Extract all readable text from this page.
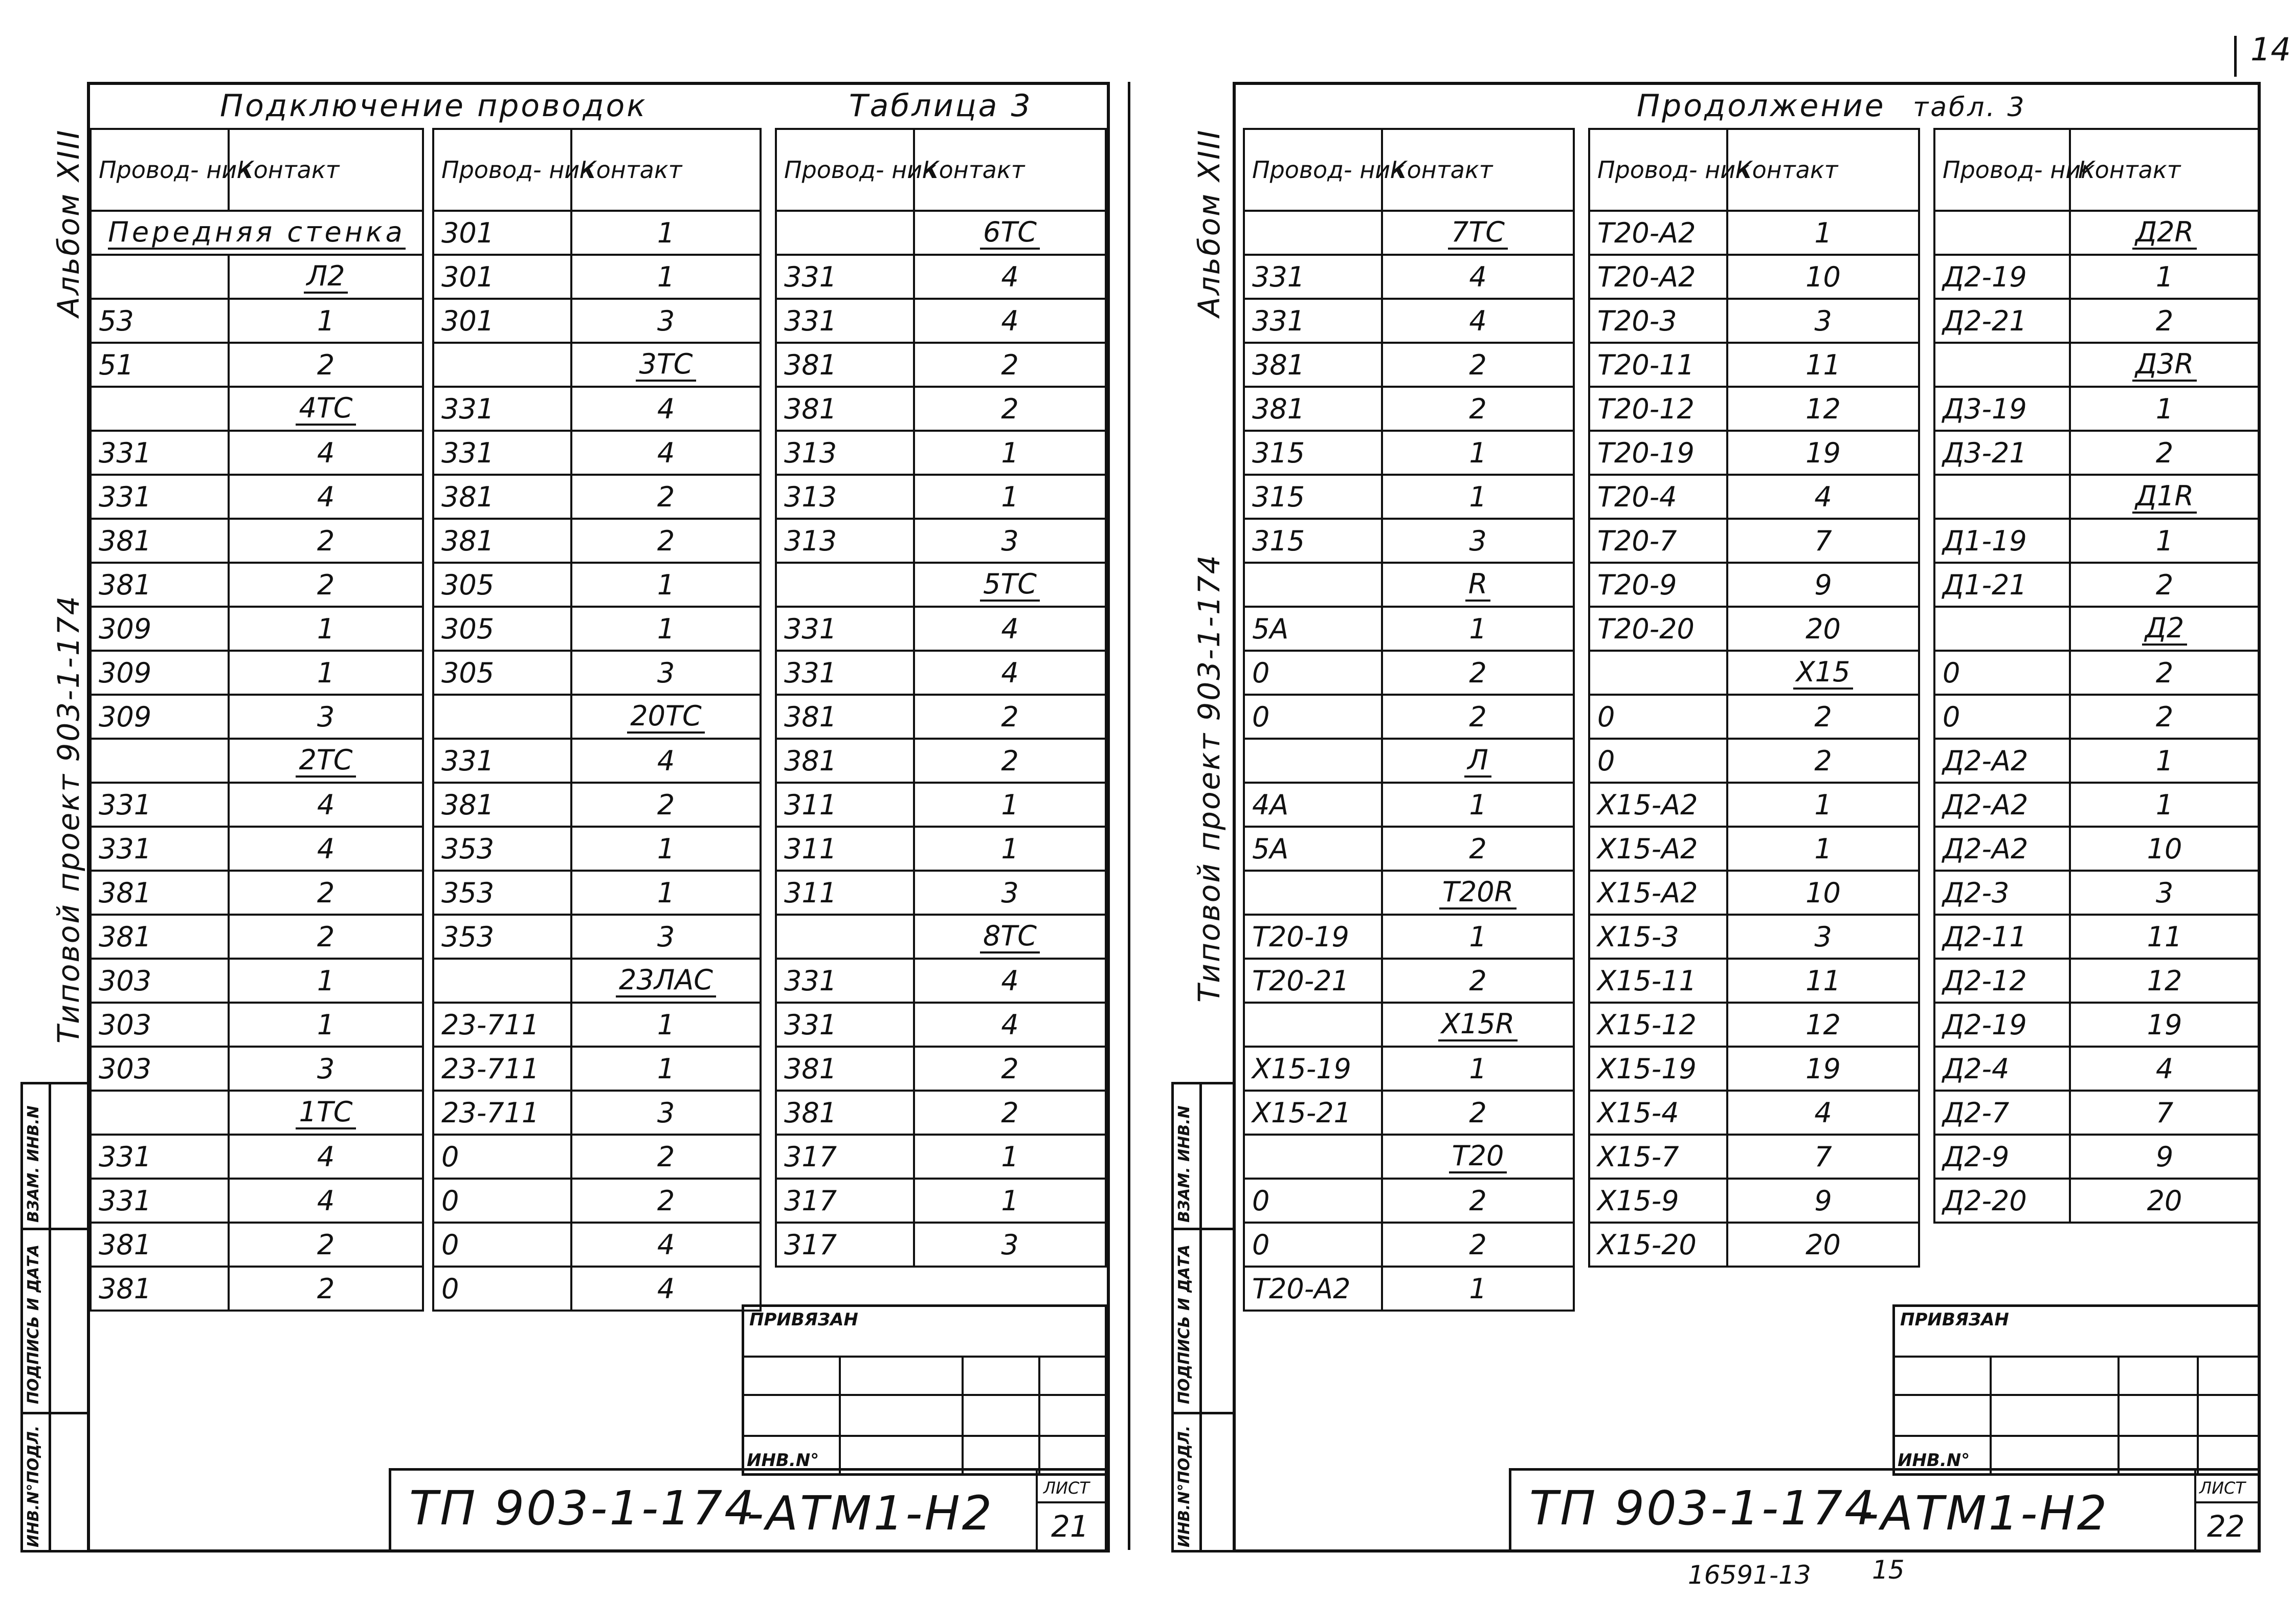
14
Альбом XIII
Типовой проект 903-1-174
Подключение проводок	Таблица 3
Провод- ник	Контакт
Передняя стенка	
	Л2
53	1
51	2
	4ТС
331	4
331	4
381	2
381	2
309	1
309	1
309	3
	2ТС
331	4
331	4
381	2
381	2
303	1
303	1
303	3
	1ТС
331	4
331	4
381	2
381	2
Провод- ник	Контакт
301	1
301	1
301	3
	3ТС
331	4
331	4
381	2
381	2
305	1
305	1
305	3
	20ТС
331	4
381	2
353	1
353	1
353	3
	23ЛАС
23-711	1
23-711	1
23-711	3
0	2
0	2
0	4
0	4
Провод- ник	Контакт
	6ТС
331	4
331	4
381	2
381	2
313	1
313	1
313	3
	5ТС
331	4
331	4
381	2
381	2
311	1
311	1
311	3
	8ТС
331	4
331	4
381	2
381	2
317	1
317	1
317	3
ИНВ.N°ПОДЛ.
ПОДПИСЬ И ДАТА
ВЗАМ. ИНВ.N
ПРИВЯЗАН
ИНВ.N°
ТП 903-1-174
-АТМ1-Н2	ЛИСТ
21
Альбом XIII
Типовой проект 903-1-174
Продолжение табл. 3
Провод- ник	Контакт
	7ТС
331	4
331	4
381	2
381	2
315	1
315	1
315	3
	R
5А	1
0	2
0	2
	Л
4А	1
5А	2
	Т20R
Т20-19	1
Т20-21	2
	Х15R
Х15-19	1
Х15-21	2
	Т20
0	2
0	2
Т20-А2	1
Провод- ник	Контакт
Т20-А2	1
Т20-А2	10
Т20-3	3
Т20-11	11
Т20-12	12
Т20-19	19
Т20-4	4
Т20-7	7
Т20-9	9
Т20-20	20
	Х15
0	2
0	2
Х15-А2	1
Х15-А2	1
Х15-А2	10
Х15-3	3
Х15-11	11
Х15-12	12
Х15-19	19
Х15-4	4
Х15-7	7
Х15-9	9
Х15-20	20
Провод- ник	Контакт
	Д2R
Д2-19	1
Д2-21	2
	Д3R
Д3-19	1
Д3-21	2
	Д1R
Д1-19	1
Д1-21	2
	Д2
0	2
0	2
Д2-А2	1
Д2-А2	1
Д2-А2	10
Д2-3	3
Д2-11	11
Д2-12	12
Д2-19	19
Д2-4	4
Д2-7	7
Д2-9	9
Д2-20	20
ИНВ.N°ПОДЛ.
ПОДПИСЬ И ДАТА
ВЗАМ. ИНВ.N
ПРИВЯЗАН
ИНВ.N°
ТП 903-1-174
-АТМ1-Н2	ЛИСТ
22
16591-13 15
